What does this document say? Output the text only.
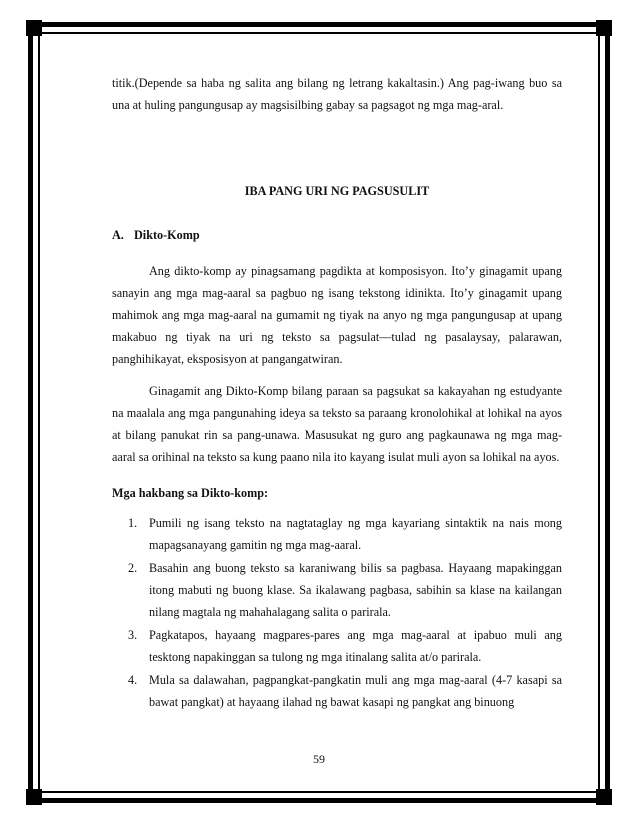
titik.(Depende sa haba ng salita ang bilang ng letrang kakaltasin.) Ang pag-iwang buo sa una at huling pangungusap ay magsisilbing gabay sa pagsagot ng mga mag-aral.

IBA PANG URI NG PAGSUSULIT

A. Dikto-Komp

Ang dikto-komp ay pinagsamang pagdikta at komposisyon. Ito’y ginagamit upang sanayin ang mga mag-aaral sa pagbuo ng isang tekstong idinikta. Ito’y ginagamit upang mahimok ang mga mag-aaral na gumamit ng tiyak na anyo ng mga pangungusap at upang makabuo ng tiyak na uri ng teksto sa pagsulat—tulad ng pasalaysay, palarawan, panghihikayat, eksposisyon at pangangatwiran.

Ginagamit ang Dikto-Komp bilang paraan sa pagsukat sa kakayahan ng estudyante na maalala ang mga pangunahing ideya sa teksto sa paraang kronolohikal at lohikal na ayos at bilang panukat rin sa pang-unawa. Masusukat ng guro ang pagkaunawa ng mga mag-aaral sa orihinal na teksto sa kung paano nila ito kayang isulat muli ayon sa lohikal na ayos.

Mga hakbang sa Dikto-komp:

1. Pumili ng isang teksto na nagtataglay ng mga kayariang sintaktik na nais mong mapagsanayang gamitin ng mga mag-aaral.
2. Basahin ang buong teksto sa karaniwang bilis sa pagbasa. Hayaang mapakinggan itong mabuti ng buong klase. Sa ikalawang pagbasa, sabihin sa klase na kailangan nilang magtala ng mahahalagang salita o parirala.
3. Pagkatapos, hayaang magpares-pares ang mga mag-aaral at ipabuo muli ang tesktong napakinggan sa tulong ng mga itinalang salita at/o parirala.
4. Mula sa dalawahan, pagpangkat-pangkatin muli ang mga mag-aaral (4-7 kasapi sa bawat pangkat) at hayaang ilahad ng bawat kasapi ng pangkat ang binuong
59
